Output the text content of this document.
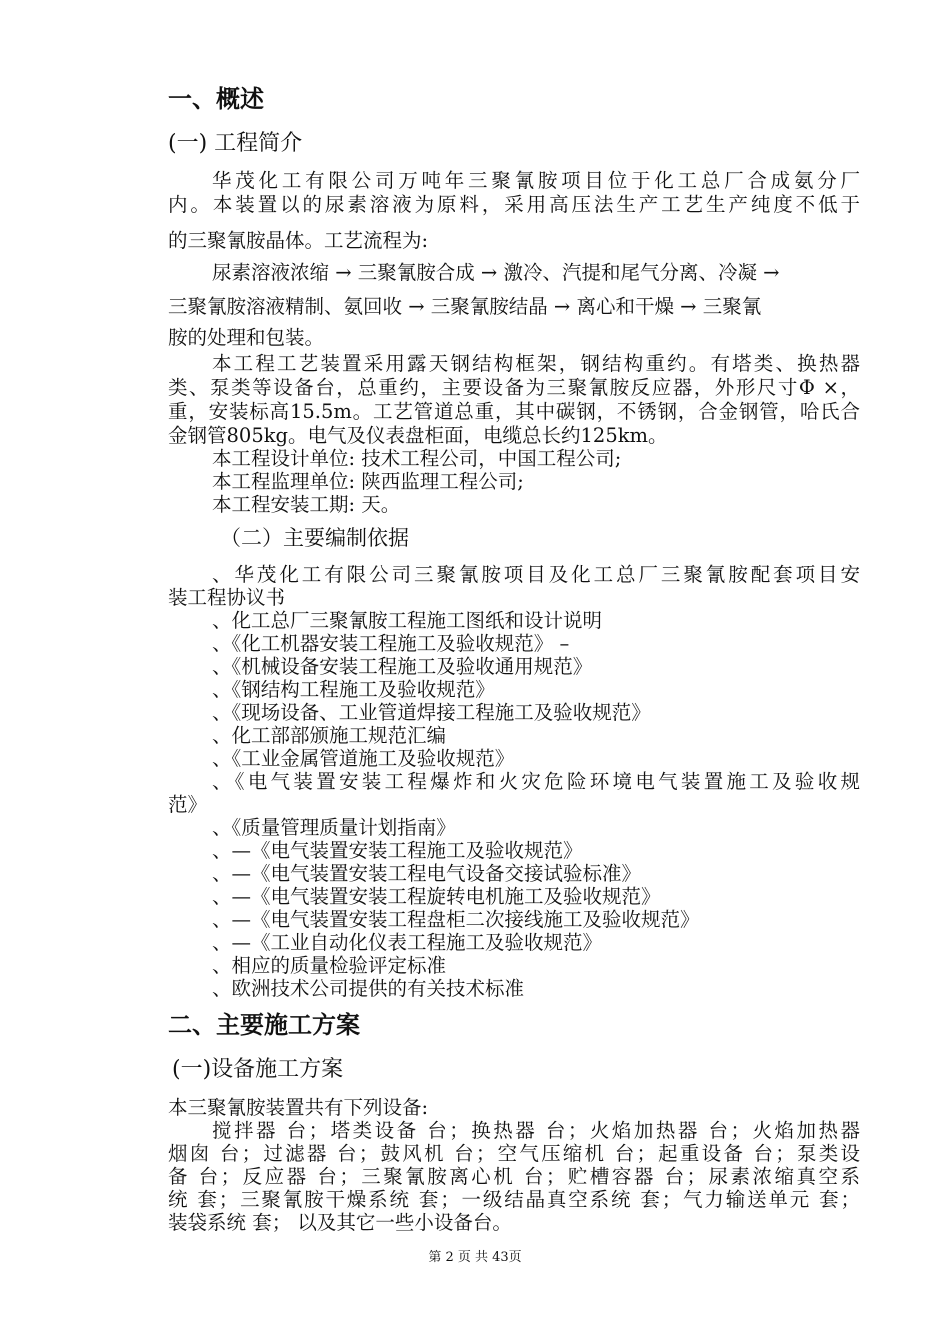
一、概述
(一) 工程简介
华茂化工有限公司万吨年三聚氰胺项目位于化工总厂合成氨分厂
内。本装置以的尿素溶液为原料，采用高压法生产工艺生产纯度不低于
的三聚氰胺晶体。工艺流程为:
尿素溶液浓缩 → 三聚氰胺合成 → 激冷、汽提和尾气分离、冷凝 →
三聚氰胺溶液精制、氨回收 → 三聚氰胺结晶 → 离心和干燥 → 三聚氰
胺的处理和包装。
本工程工艺装置采用露天钢结构框架，钢结构重约。有塔类、换热器
类、泵类等设备台，总重约，主要设备为三聚氰胺反应器，外形尺寸Φ ×，
重，安装标高15.5m。工艺管道总重，其中碳钢，不锈钢，合金钢管，哈氏合
金钢管805kg。电气及仪表盘柜面，电缆总长约125km。
本工程设计单位: 技术工程公司，中国工程公司;
本工程监理单位: 陕西监理工程公司;
本工程安装工期: 天。
（二）主要编制依据
、华茂化工有限公司三聚氰胺项目及化工总厂三聚氰胺配套项目安
装工程协议书
、化工总厂三聚氰胺工程施工图纸和设计说明
、《化工机器安装工程施工及验收规范》 –
、《机械设备安装工程施工及验收通用规范》
、《钢结构工程施工及验收规范》
、《现场设备、工业管道焊接工程施工及验收规范》
、化工部部颁施工规范汇编
、《工业金属管道施工及验收规范》
、《电气装置安装工程爆炸和火灾危险环境电气装置施工及验收规
范》
、《质量管理质量计划指南》
、—《电气装置安装工程施工及验收规范》
、—《电气装置安装工程电气设备交接试验标准》
、—《电气装置安装工程旋转电机施工及验收规范》
、—《电气装置安装工程盘柜二次接线施工及验收规范》
、—《工业自动化仪表工程施工及验收规范》
、相应的质量检验评定标准
、欧洲技术公司提供的有关技术标准
二、主要施工方案
(一)设备施工方案
本三聚氰胺装置共有下列设备:
搅拌器 台；塔类设备 台；换热器 台；火焰加热器 台；火焰加热器
烟囱 台；过滤器 台；鼓风机 台；空气压缩机 台；起重设备 台；泵类设
备 台；反应器 台；三聚氰胺离心机 台；贮槽容器 台；尿素浓缩真空系
统 套；三聚氰胺干燥系统 套；一级结晶真空系统 套；气力输送单元 套；
装袋系统 套； 以及其它一些小设备台。
第 2 页 共 43页
